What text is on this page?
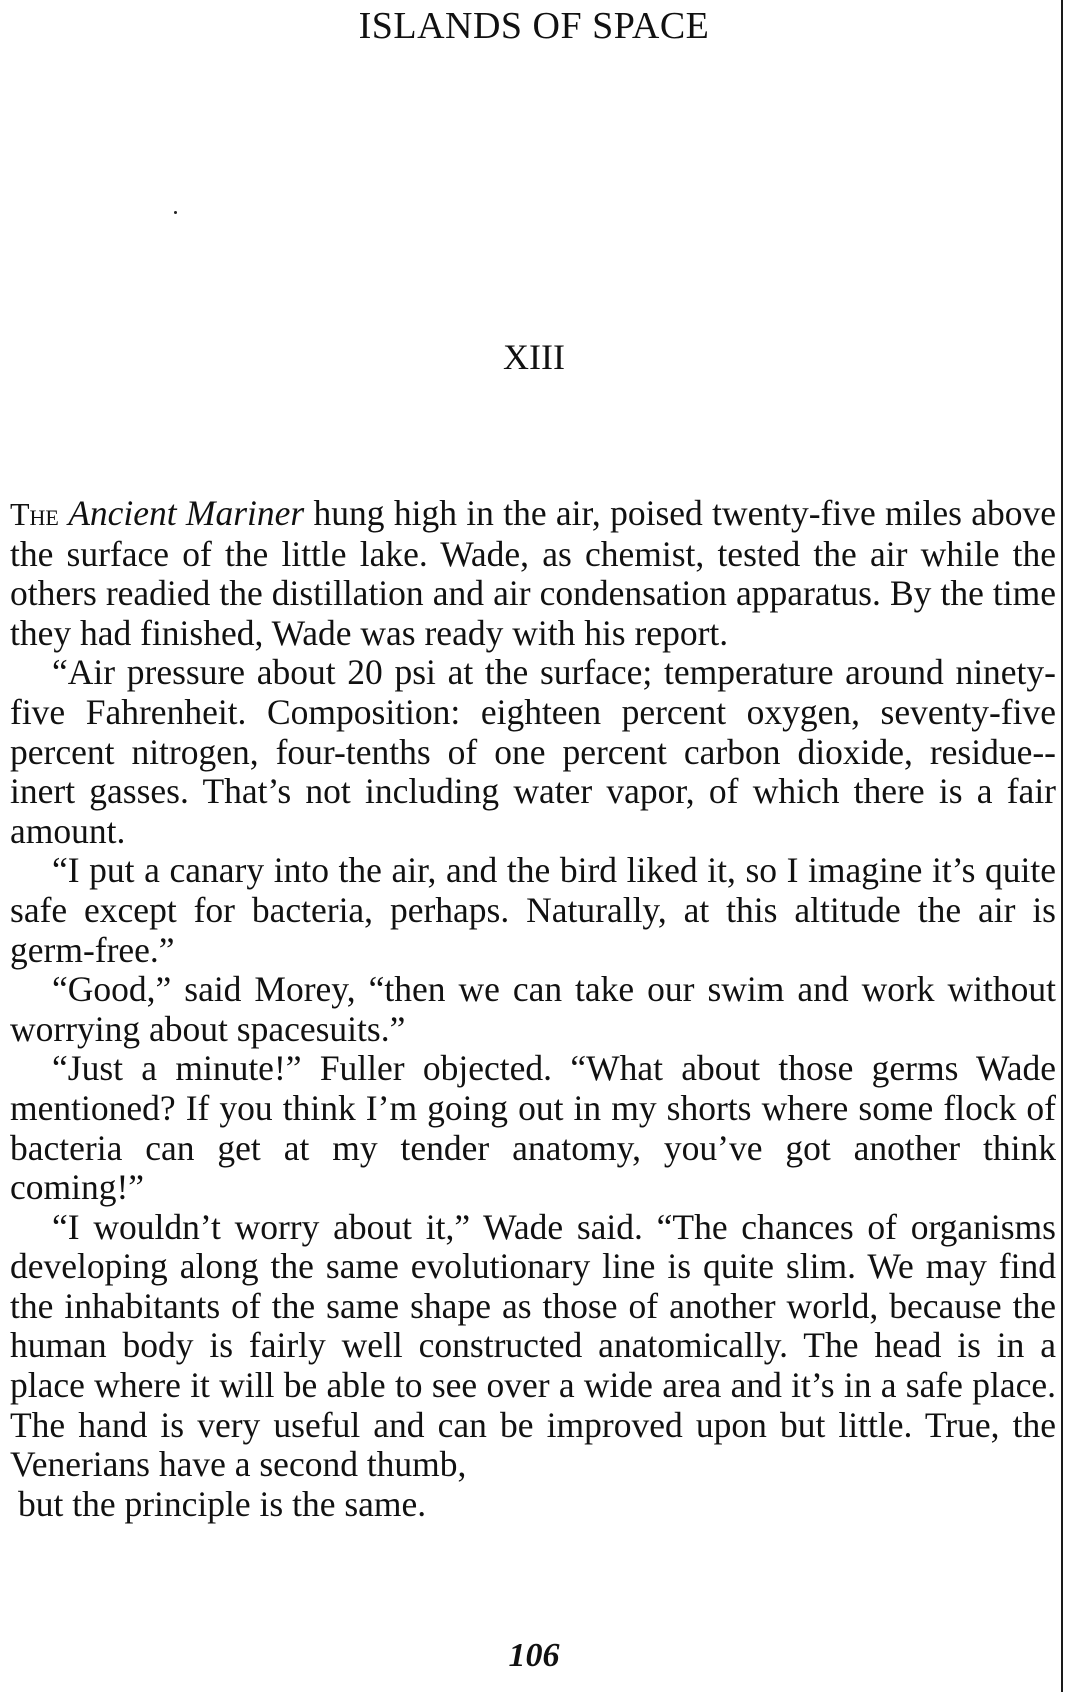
ISLANDS OF SPACE
XIII

The Ancient Mariner hung high in the air, poised twenty-five miles above the surface of the little lake. Wade, as chemist, tested the air while the others readied the distillation and air condensation apparatus. By the time they had finished, Wade was ready with his report.

“Air pressure about 20 psi at the surface; temperature around ninety-five Fahrenheit. Composition: eighteen percent oxygen, seventy-five percent nitrogen, four-tenths of one percent carbon dioxide, residue--inert gasses. That’s not including water vapor, of which there is a fair amount.

“I put a canary into the air, and the bird liked it, so I imagine it’s quite safe except for bacteria, perhaps. Naturally, at this altitude the air is germ-free.”

“Good,” said Morey, “then we can take our swim and work without worrying about spacesuits.”

“Just a minute!” Fuller objected. “What about those germs Wade mentioned? If you think I’m going out in my shorts where some flock of bacteria can get at my tender anatomy, you’ve got another think coming!”

“I wouldn’t worry about it,” Wade said. “The chances of organisms developing along the same evolutionary line is quite slim. We may find the inhabitants of the same shape as those of another world, because the human body is fairly well constructed anatomically. The head is in a place where it will be able to see over a wide area and it’s in a safe place. The hand is very useful and can be improved upon but little. True, the Venerians have a second thumb,

but the principle is the same.

106
